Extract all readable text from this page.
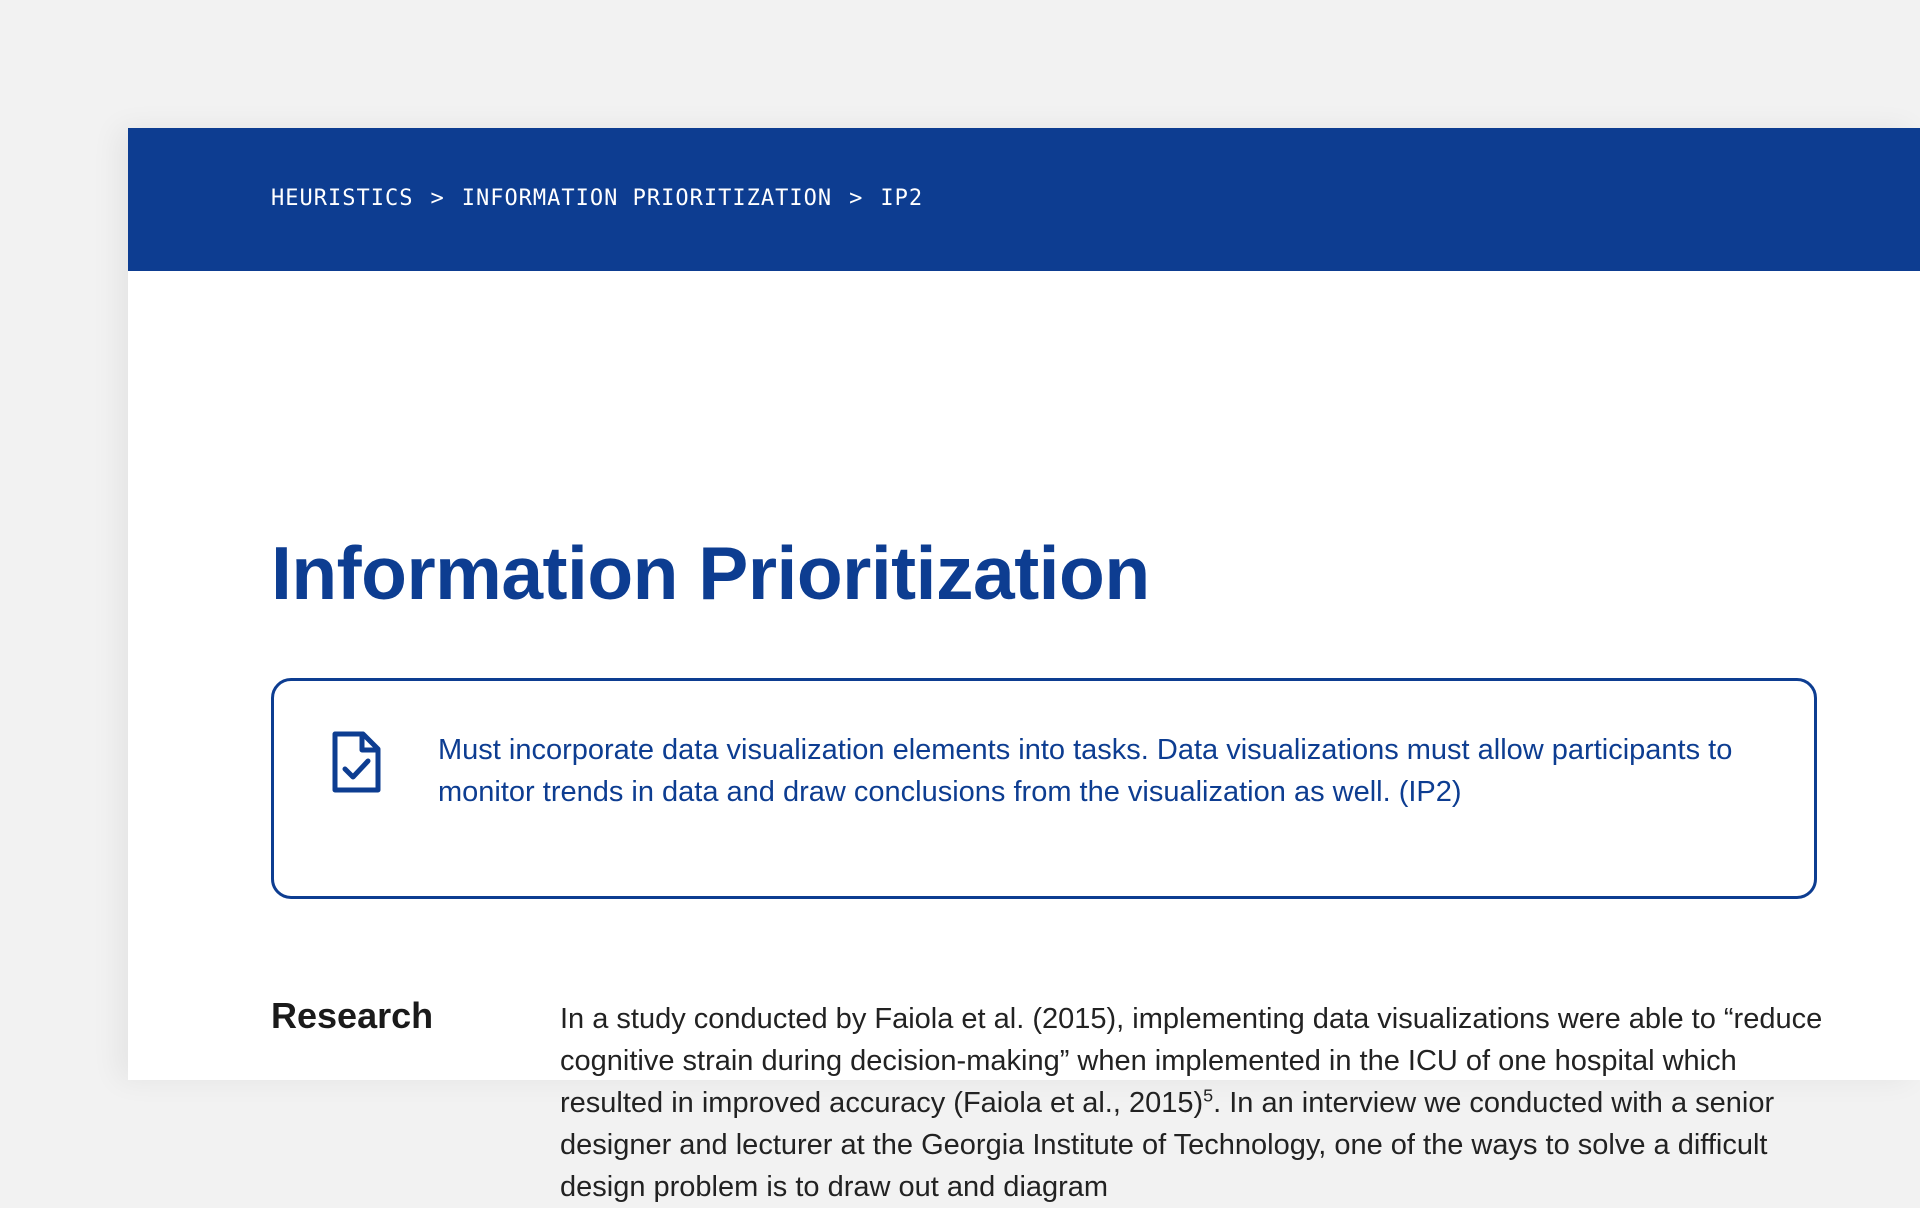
HEURISTICS > INFORMATION PRIORITIZATION > IP2
Information Prioritization

Must incorporate data visualization elements into tasks. Data visualizations must allow participants to monitor trends in data and draw conclusions from the visualization as well. (IP2)

Research	In a study conducted by Faiola et al. (2015), implementing data visualizations were able to “reduce cognitive strain during decision-making” when implemented in the ICU of one hospital which resulted in improved accuracy (Faiola et al., 2015)$^5$. In an interview we conducted with a senior designer and lecturer at the Georgia Institute of Technology, one of the ways to solve a difficult design problem is to draw out and diagram
